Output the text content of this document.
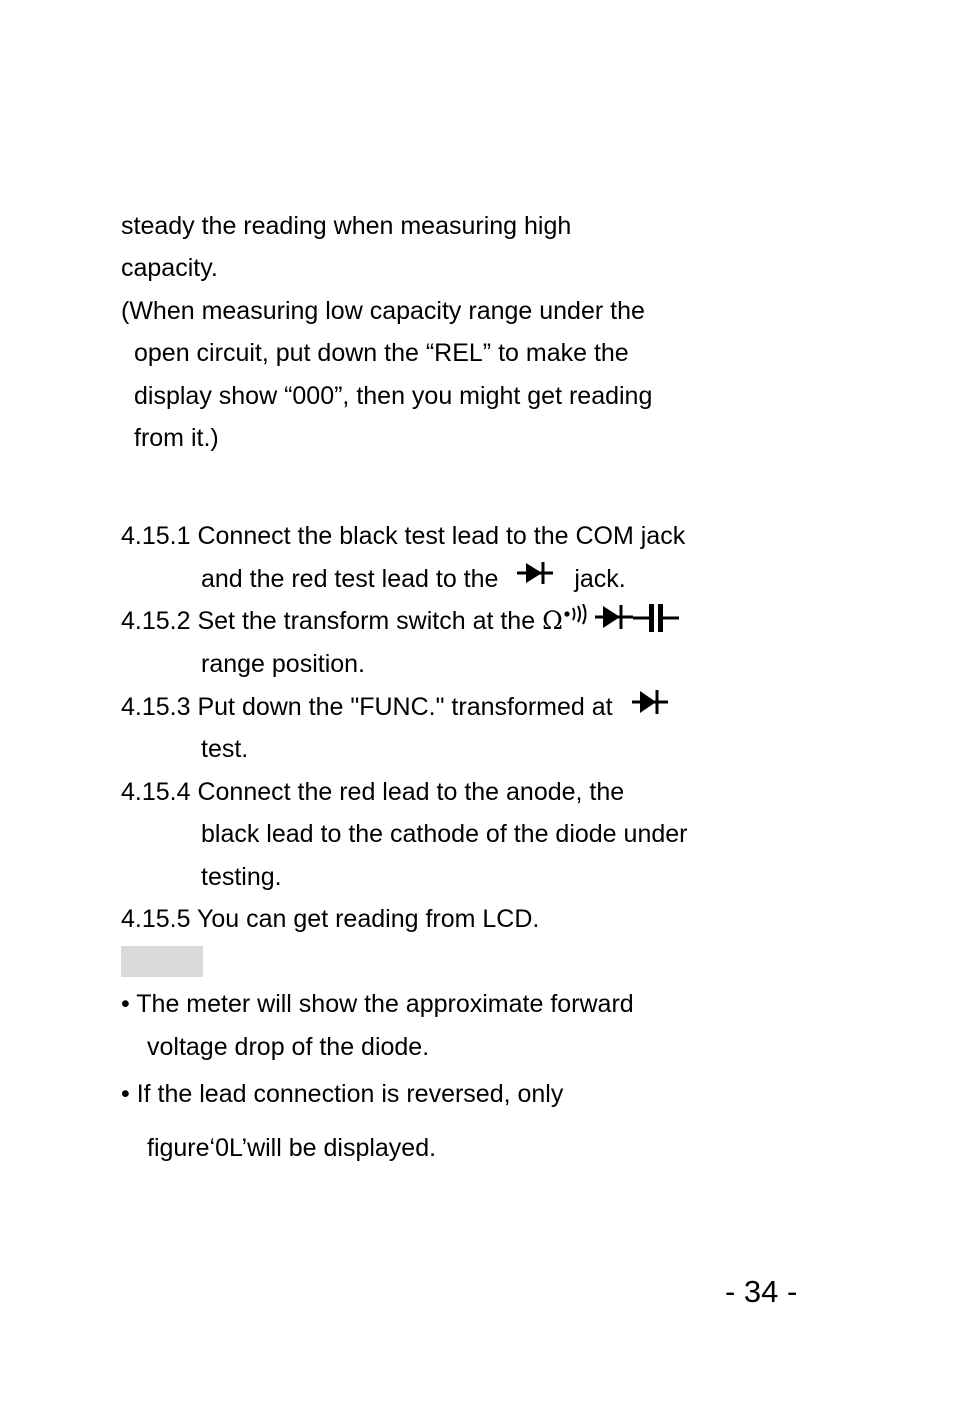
steady the reading when measuring high
capacity.
(When measuring low capacity range under the
open circuit, put down the “REL” to make the
display show “000”, then you might get reading
from it.)
4.15.1 Connect the black test lead to the COM jack
and the red test lead to the	jack.
4.15.2 Set the transform switch at the Ω
range position.
4.15.3 Put down the "FUNC." transformed at
test.
4.15.4 Connect the red lead to the anode, the
black lead to the cathode of the diode under
testing.
4.15.5 You can get reading from LCD.
• The meter will show the approximate forward
voltage drop of the diode.
• If the lead connection is reversed, only
figure‘0L’will be displayed.
- 34 -
